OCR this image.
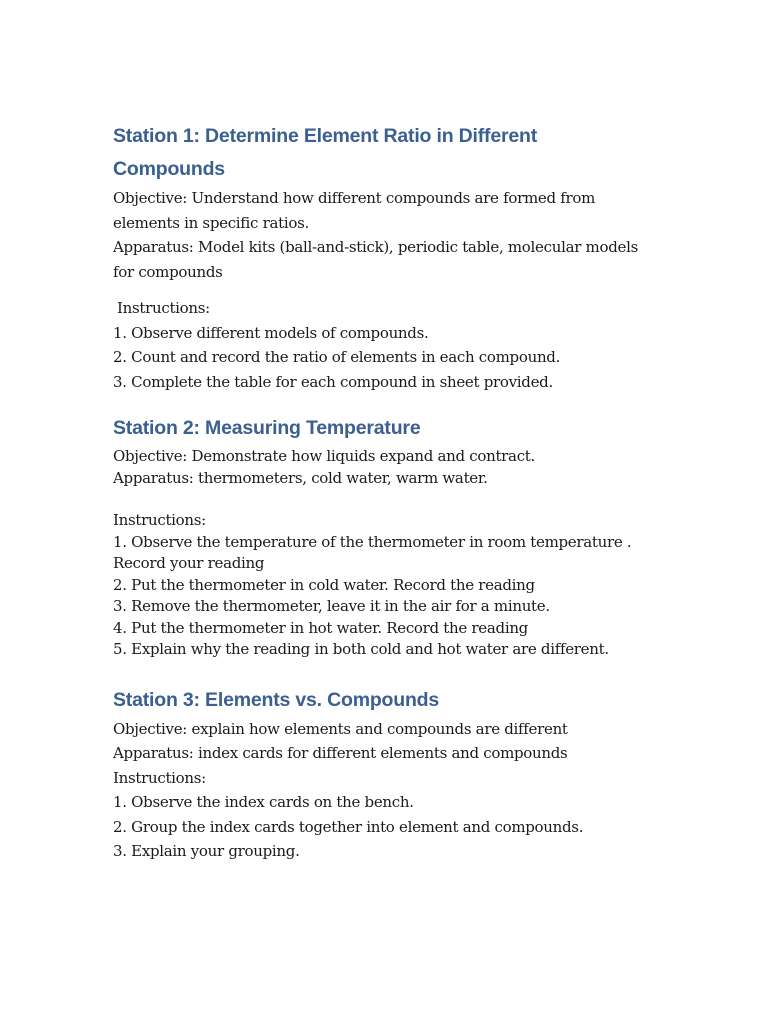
Station 1: Determine Element Ratio in Different
Compounds

Objective: Understand how different compounds are formed from

elements in specific ratios.

Apparatus: Model kits (ball-and-stick), periodic table, molecular models

for compounds

Instructions:

1. Observe different models of compounds.

2. Count and record the ratio of elements in each compound.

3. Complete the table for each compound in sheet provided.

Station 2: Measuring Temperature

Objective: Demonstrate how liquids expand and contract.

Apparatus: thermometers, cold water, warm water.

Instructions:

1. Observe the temperature of the thermometer in room temperature .

Record your reading

2. Put the thermometer in cold water. Record the reading

3. Remove the thermometer, leave it in the air for a minute.

4. Put the thermometer in hot water. Record the reading

5. Explain why the reading in both cold and hot water are different.

Station 3: Elements vs. Compounds

Objective: explain how elements and compounds are different

Apparatus: index cards for different elements and compounds

Instructions:

1. Observe the index cards on the bench.

2. Group the index cards together into element and compounds.

3. Explain your grouping.
